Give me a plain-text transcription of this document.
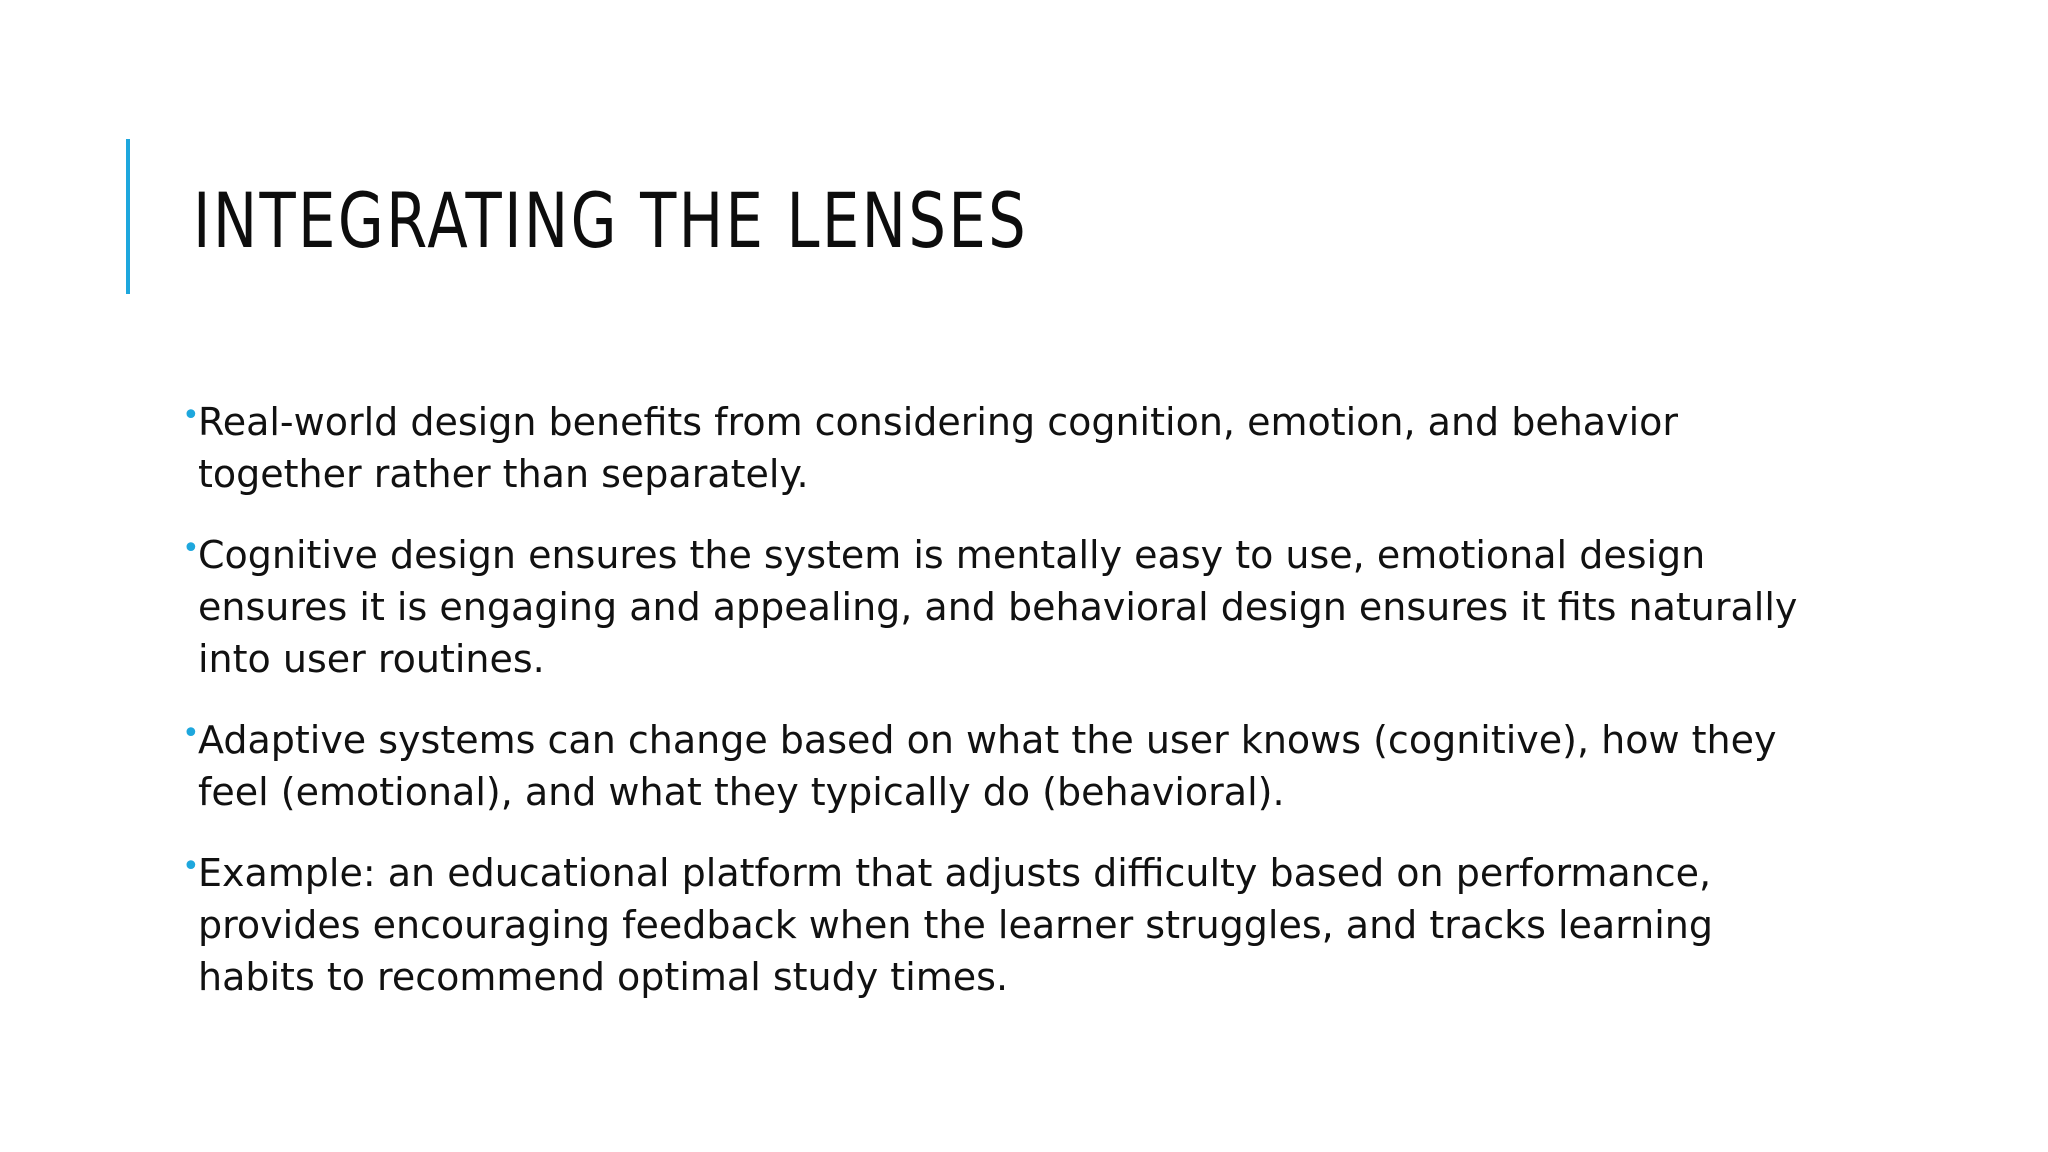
INTEGRATING THE LENSES
•
Real-world design benefits from considering cognition, emotion, and behavior together rather than separately.
•
Cognitive design ensures the system is mentally easy to use, emotional design ensures it is engaging and appealing, and behavioral design ensures it fits naturally into user routines.
•
Adaptive systems can change based on what the user knows (cognitive), how they feel (emotional), and what they typically do (behavioral).
•
Example: an educational platform that adjusts difficulty based on performance, provides encouraging feedback when the learner struggles, and tracks learning habits to recommend optimal study times.
